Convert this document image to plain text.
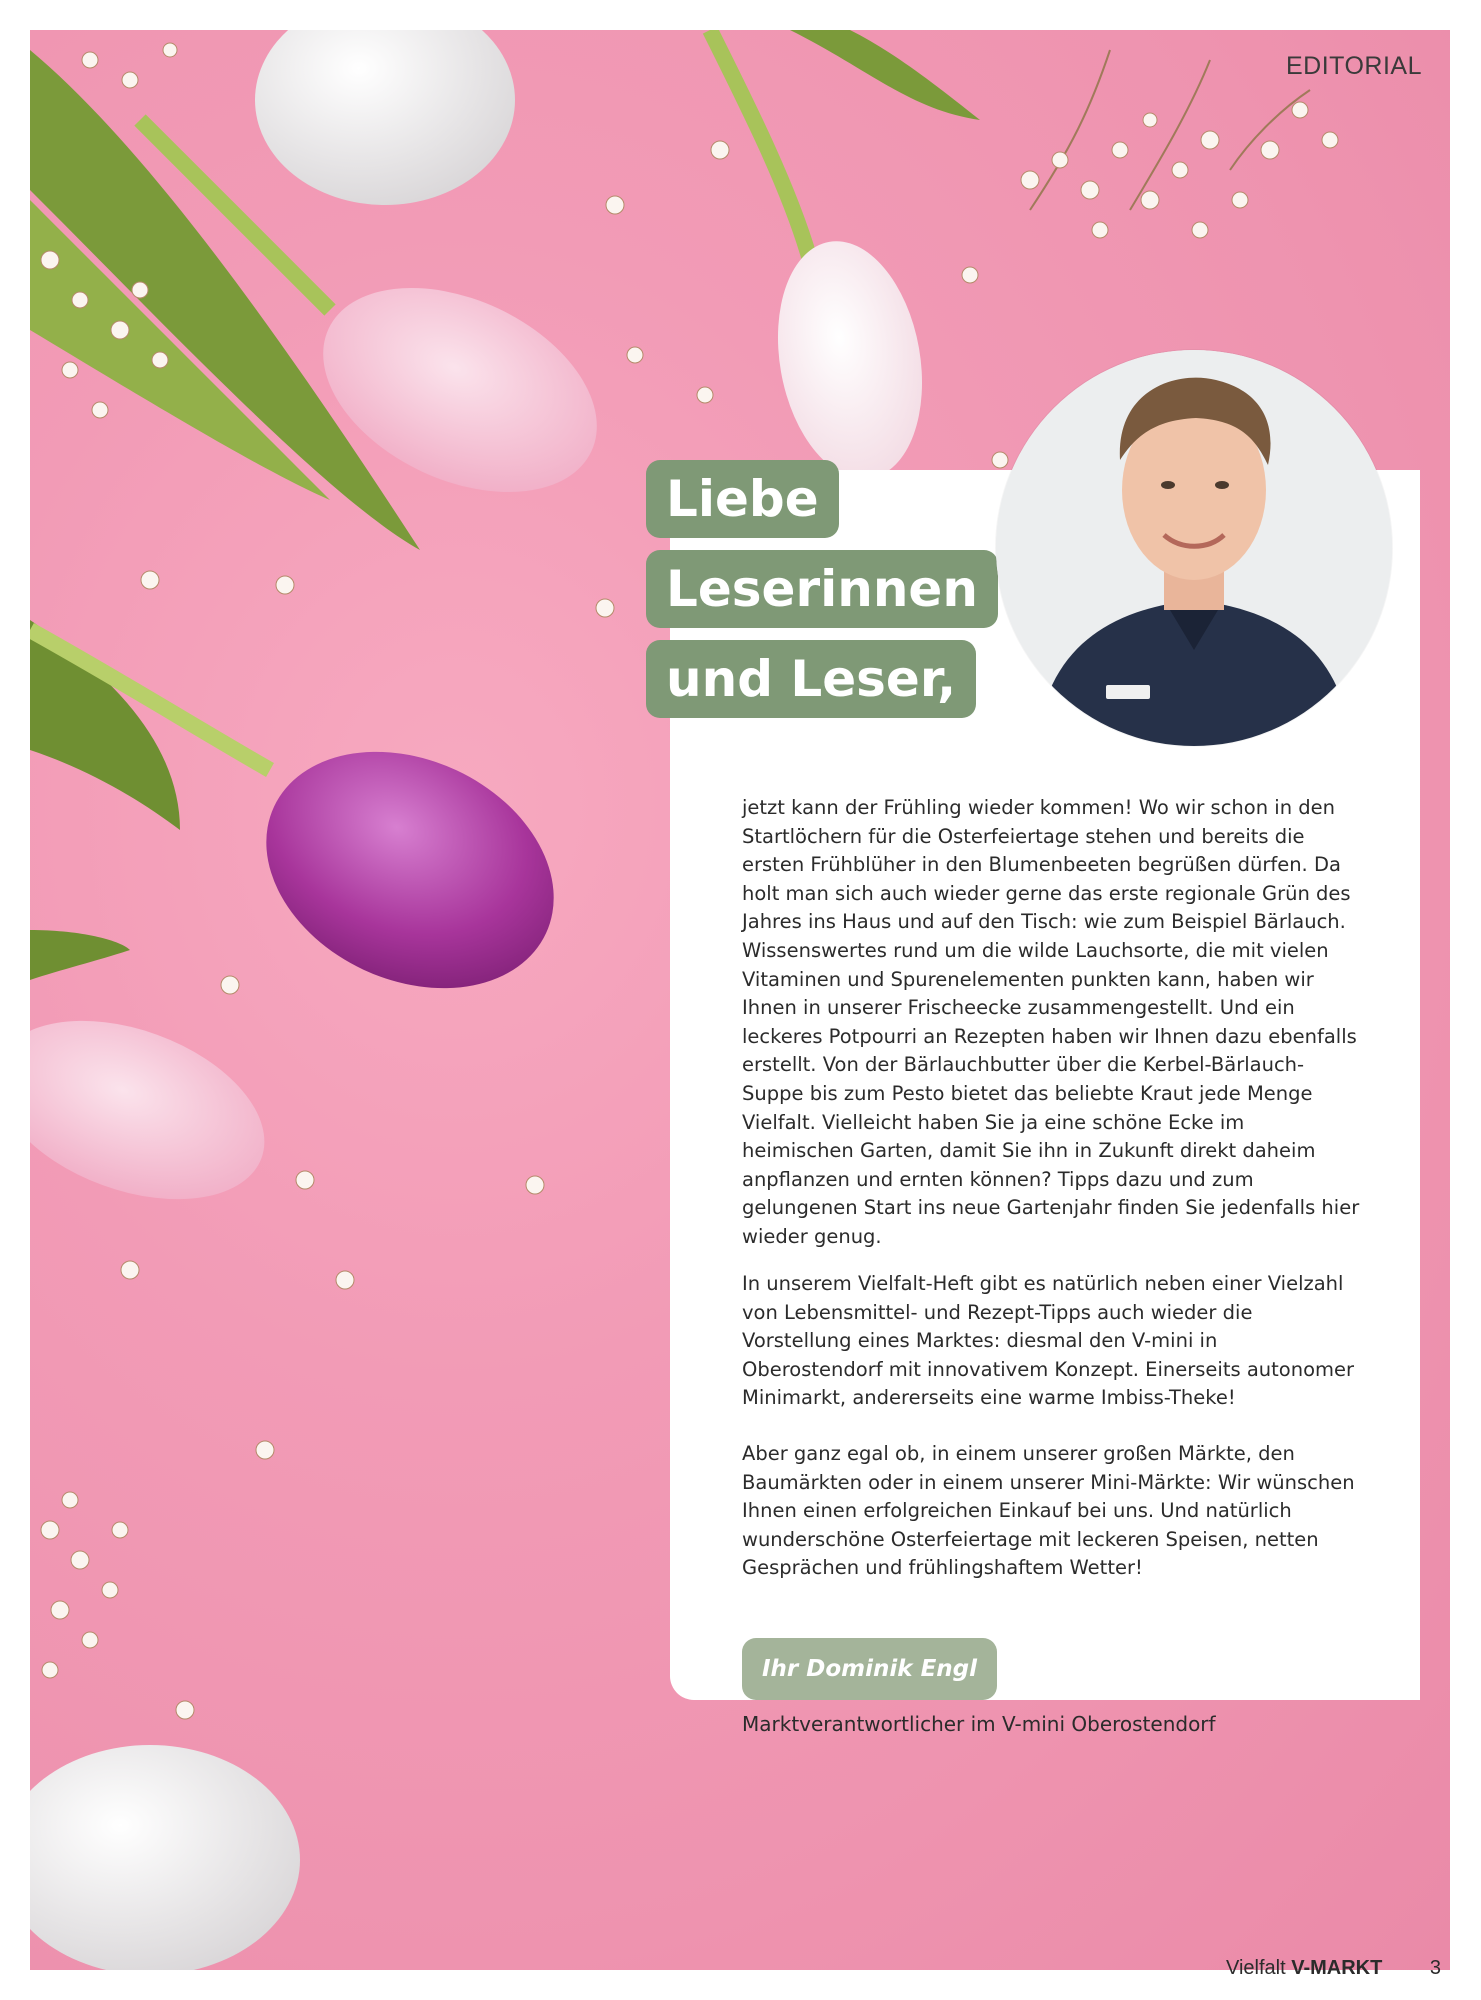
EDITORIAL
Liebe
Leserinnen
und Leser,

jetzt kann der Frühling wieder kommen! Wo wir schon in den Startlöchern für die Osterfeiertage stehen und bereits die ersten Frühblüher in den Blumenbeeten begrüßen dürfen. Da holt man sich auch wieder gerne das erste regionale Grün des Jahres ins Haus und auf den Tisch: wie zum Beispiel Bärlauch. Wissenswertes rund um die wilde Lauchsorte, die mit vielen Vitaminen und Spurenelementen punkten kann, haben wir Ihnen in unserer Frischeecke zusammengestellt. Und ein leckeres Potpourri an Rezepten haben wir Ihnen dazu ebenfalls erstellt. Von der Bärlauchbutter über die Kerbel-Bärlauch-Suppe bis zum Pesto bietet das beliebte Kraut jede Menge Vielfalt. Vielleicht haben Sie ja eine schöne Ecke im heimischen Garten, damit Sie ihn in Zukunft direkt daheim anpflanzen und ernten können? Tipps dazu und zum gelungenen Start ins neue Gartenjahr finden Sie jedenfalls hier wieder genug.

In unserem Vielfalt-Heft gibt es natürlich neben einer Vielzahl von Lebensmittel- und Rezept-Tipps auch wieder die Vorstellung eines Marktes: diesmal den V-mini in Oberostendorf mit innovativem Konzept. Einerseits autonomer Minimarkt, andererseits eine warme Imbiss-Theke!

Aber ganz egal ob, in einem unserer großen Märkte, den Baumärkten oder in einem unserer Mini-Märkte: Wir wünschen Ihnen einen erfolgreichen Einkauf bei uns. Und natürlich wunderschöne Osterfeiertage mit leckeren Speisen, netten Gesprächen und frühlingshaftem Wetter!

Ihr Dominik Engl
Marktverantwortlicher im V-mini Oberostendorf
Vielfalt V-MARKT 3
